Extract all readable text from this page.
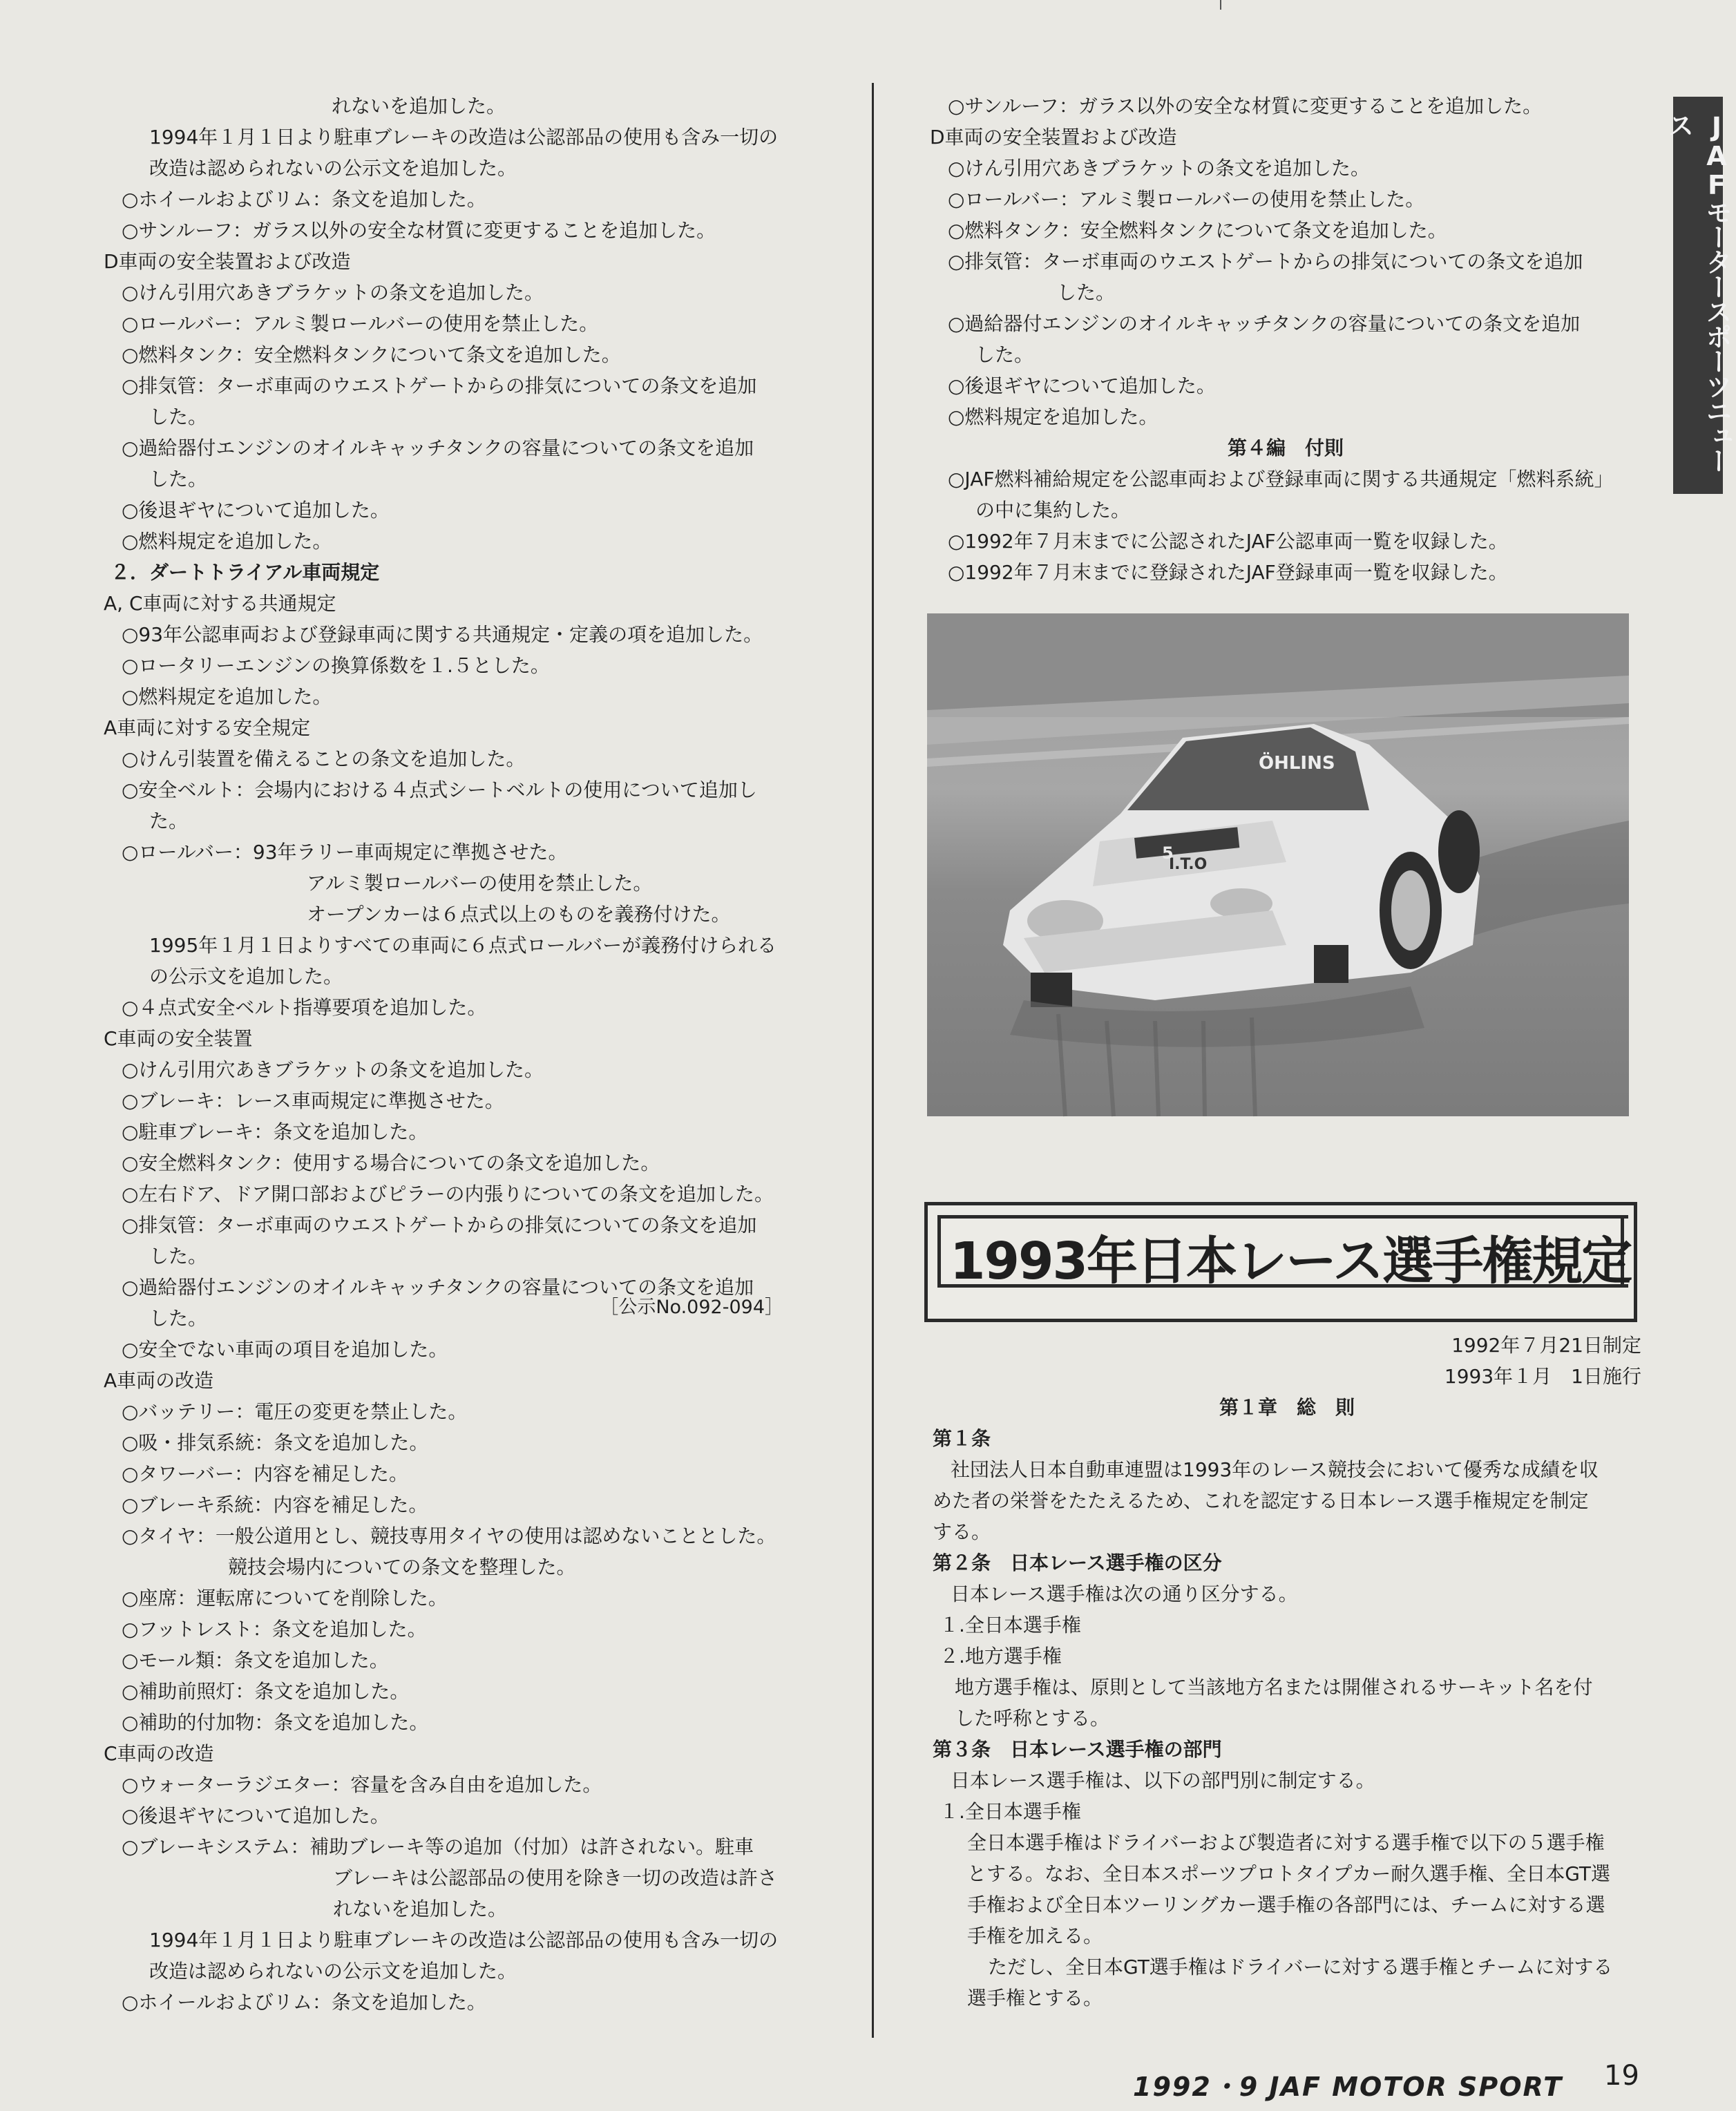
れないを追加した。
1994年１月１日より駐車ブレーキの改造は公認部品の使用も含み一切の
改造は認められないの公示文を追加した。
○ホイールおよびリム：条文を追加した。
○サンルーフ：ガラス以外の安全な材質に変更することを追加した。
D車両の安全装置および改造
○けん引用穴あきブラケットの条文を追加した。
○ロールバー：アルミ製ロールバーの使用を禁止した。
○燃料タンク：安全燃料タンクについて条文を追加した。
○排気管：ターボ車両のウエストゲートからの排気についての条文を追加
した。
○過給器付エンジンのオイルキャッチタンクの容量についての条文を追加
した。
○後退ギヤについて追加した。
○燃料規定を追加した。
２．ダートトライアル車両規定
A, C車両に対する共通規定
○93年公認車両および登録車両に関する共通規定・定義の項を追加した。
○ロータリーエンジンの換算係数を１.５とした。
○燃料規定を追加した。
A車両に対する安全規定
○けん引装置を備えることの条文を追加した。
○安全ベルト：会場内における４点式シートベルトの使用について追加し
た。
○ロールバー：93年ラリー車両規定に準拠させた。
アルミ製ロールバーの使用を禁止した。
オープンカーは６点式以上のものを義務付けた。
1995年１月１日よりすべての車両に６点式ロールバーが義務付けられる
の公示文を追加した。
○４点式安全ベルト指導要項を追加した。
C車両の安全装置
○けん引用穴あきブラケットの条文を追加した。
○ブレーキ：レース車両規定に準拠させた。
○駐車ブレーキ：条文を追加した。
○安全燃料タンク：使用する場合についての条文を追加した。
○左右ドア、ドア開口部およびピラーの内張りについての条文を追加した。
○排気管：ターボ車両のウエストゲートからの排気についての条文を追加
した。
○過給器付エンジンのオイルキャッチタンクの容量についての条文を追加
した。
○安全でない車両の項目を追加した。
A車両の改造
○バッテリー：電圧の変更を禁止した。
○吸・排気系統：条文を追加した。
○タワーバー：内容を補足した。
○ブレーキ系統：内容を補足した。
○タイヤ：一般公道用とし、競技専用タイヤの使用は認めないこととした。
競技会場内についての条文を整理した。
○座席：運転席についてを削除した。
○フットレスト：条文を追加した。
○モール類：条文を追加した。
○補助前照灯：条文を追加した。
○補助的付加物：条文を追加した。
C車両の改造
○ウォーターラジエター：容量を含み自由を追加した。
○後退ギヤについて追加した。
○ブレーキシステム：補助ブレーキ等の追加（付加）は許されない。駐車
ブレーキは公認部品の使用を除き一切の改造は許さ
れないを追加した。
1994年１月１日より駐車ブレーキの改造は公認部品の使用も含み一切の
改造は認められないの公示文を追加した。
○ホイールおよびリム：条文を追加した。
○サンルーフ：ガラス以外の安全な材質に変更することを追加した。
D車両の安全装置および改造
○けん引用穴あきブラケットの条文を追加した。
○ロールバー：アルミ製ロールバーの使用を禁止した。
○燃料タンク：安全燃料タンクについて条文を追加した。
○排気管：ターボ車両のウエストゲートからの排気についての条文を追加
した。
○過給器付エンジンのオイルキャッチタンクの容量についての条文を追加
した。
○後退ギヤについて追加した。
○燃料規定を追加した。
第４編　付則
○JAF燃料補給規定を公認車両および登録車両に関する共通規定「燃料系統」
の中に集約した。
○1992年７月末までに公認されたJAF公認車両一覧を収録した。
○1992年７月末までに登録されたJAF登録車両一覧を収録した。
JAFモータースポーツニュース
I.T.O
ÖHLINS
5
1993年日本レース選手権規定
［公示No.092-094］
1992年７月21日制定
1993年１月　1日施行
第１章　総　則
第１条
社団法人日本自動車連盟は1993年のレース競技会において優秀な成績を収
めた者の栄誉をたたえるため、これを認定する日本レース選手権規定を制定
する。
第２条　日本レース選手権の区分
日本レース選手権は次の通り区分する。
１.全日本選手権
２.地方選手権
地方選手権は、原則として当該地方名または開催されるサーキット名を付
した呼称とする。
第３条　日本レース選手権の部門
日本レース選手権は、以下の部門別に制定する。
１.全日本選手権
全日本選手権はドライバーおよび製造者に対する選手権で以下の５選手権
とする。なお、全日本スポーツプロトタイプカー耐久選手権、全日本GT選
手権および全日本ツーリングカー選手権の各部門には、チームに対する選
手権を加える。
ただし、全日本GT選手権はドライバーに対する選手権とチームに対する
選手権とする。
1992・9 JAF MOTOR SPORT 19
